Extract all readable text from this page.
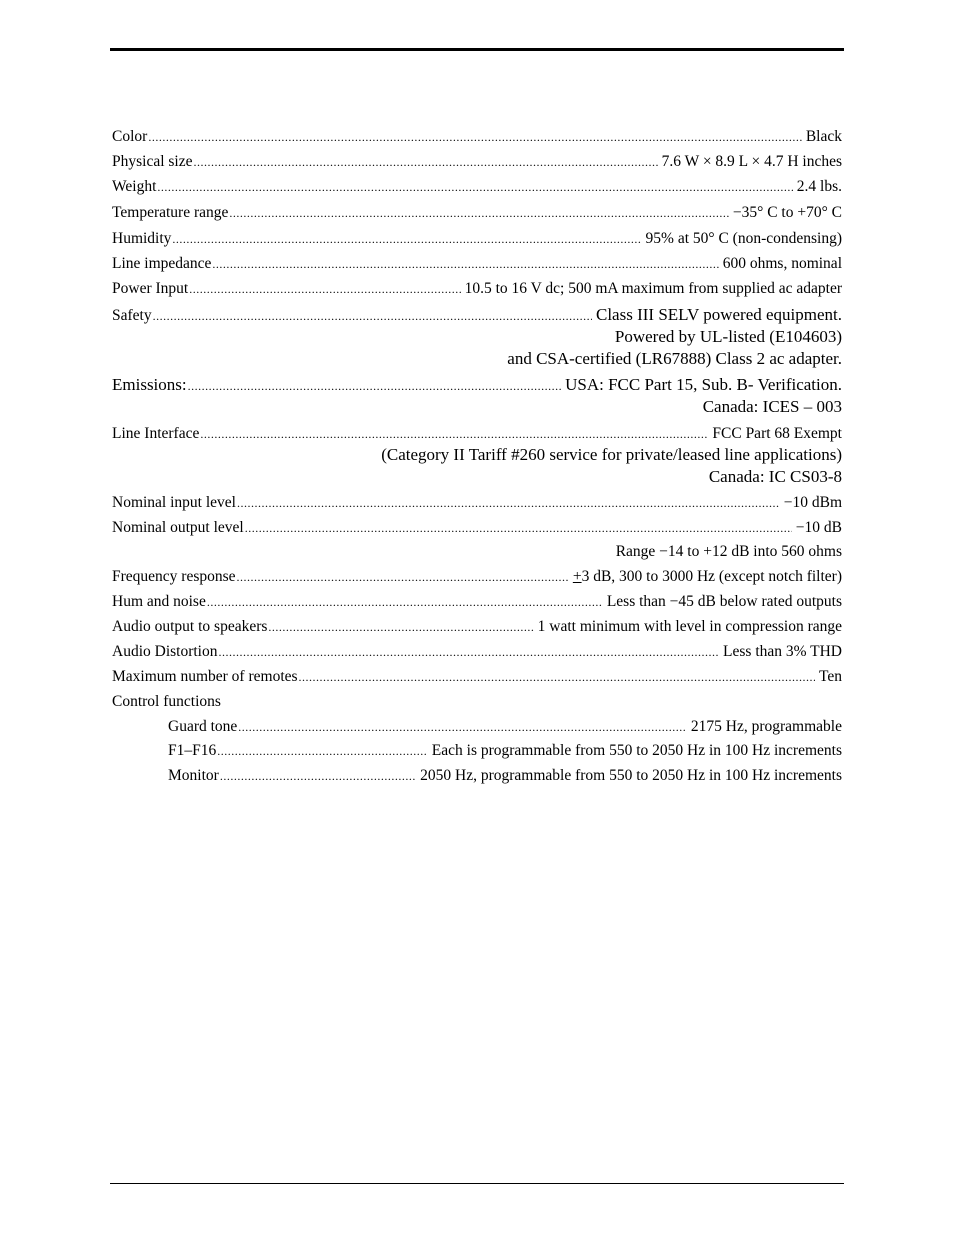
Color .....	Black
Physical size .....	7.6 W × 8.9 L × 4.7 H inches
Weight .....	2.4 lbs.
Temperature range .....	−35° C to +70° C
Humidity .....	95% at 50° C (non-condensing)
Line impedance .....	600 ohms, nominal
Power Input .....	10.5 to 16 V dc; 500 mA maximum from supplied ac adapter
Safety .....	Class III SELV powered equipment.
Powered by UL-listed (E104603)
and CSA-certified (LR67888) Class 2 ac adapter.
Emissions: .....	USA: FCC Part 15, Sub. B- Verification.
Canada: ICES – 003
Line Interface .....	FCC Part 68 Exempt
(Category II Tariff #260 service for private/leased line applications)
Canada: IC CS03-8
Nominal input level .....	−10 dBm
Nominal output level .....	−10 dB
Range −14 to +12 dB into 560 ohms
Frequency response .....	+3 dB, 300 to 3000 Hz (except notch filter)
Hum and noise .....	Less than −45 dB below rated outputs
Audio output to speakers .....	1 watt minimum with level in compression range
Audio Distortion .....	Less than 3% THD
Maximum number of remotes .....	Ten
Control functions
Guard tone .....	2175 Hz, programmable
F1–F16 .....	Each is programmable from 550 to 2050 Hz in 100 Hz increments
Monitor .....	2050 Hz, programmable from 550 to 2050 Hz in 100 Hz increments
